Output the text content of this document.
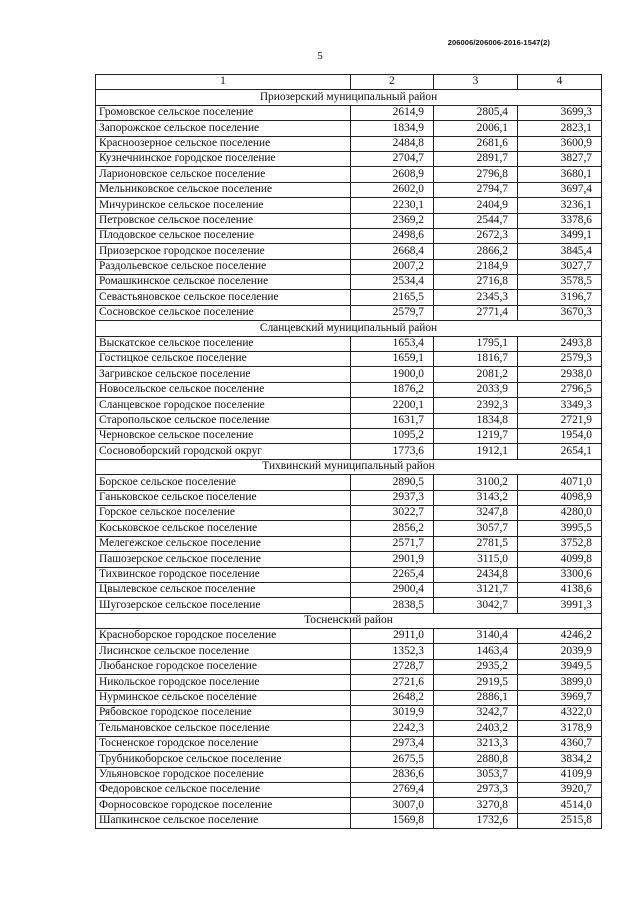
206006/206006-2016-1547(2)
5
1	2	3	4
Приозерский муниципальный район			
Громовское сельское поселение	2614,9	2805,4	3699,3
Запорожское сельское поселение	1834,9	2006,1	2823,1
Красноозерное сельское поселение	2484,8	2681,6	3600,9
Кузнечнинское городское поселение	2704,7	2891,7	3827,7
Ларионовское сельское поселение	2608,9	2796,8	3680,1
Мельниковское сельское поселение	2602,0	2794,7	3697,4
Мичуринское сельское поселение	2230,1	2404,9	3236,1
Петровское сельское поселение	2369,2	2544,7	3378,6
Плодовское сельское поселение	2498,6	2672,3	3499,1
Приозерское городское поселение	2668,4	2866,2	3845,4
Раздольевское сельское поселение	2007,2	2184,9	3027,7
Ромашкинское сельское поселение	2534,4	2716,8	3578,5
Севастьяновское сельское поселение	2165,5	2345,3	3196,7
Сосновское сельское поселение	2579,7	2771,4	3670,3
Сланцевский муниципальный район			
Выскатское сельское поселение	1653,4	1795,1	2493,8
Гостицкое сельское поселение	1659,1	1816,7	2579,3
Загривское сельское поселение	1900,0	2081,2	2938,0
Новосельское сельское поселение	1876,2	2033,9	2796,5
Сланцевское городское поселение	2200,1	2392,3	3349,3
Старопольское сельское поселение	1631,7	1834,8	2721,9
Черновское сельское поселение	1095,2	1219,7	1954,0
Сосновоборский городской округ	1773,6	1912,1	2654,1
Тихвинский муниципальный район			
Борское сельское поселение	2890,5	3100,2	4071,0
Ганьковское сельское поселение	2937,3	3143,2	4098,9
Горское сельское поселение	3022,7	3247,8	4280,0
Коськовское сельское поселение	2856,2	3057,7	3995,5
Мелегежское сельское поселение	2571,7	2781,5	3752,8
Пашозерское сельское поселение	2901,9	3115,0	4099,8
Тихвинское городское поселение	2265,4	2434,8	3300,6
Цвылевское сельское поселение	2900,4	3121,7	4138,6
Шугозерское сельское поселение	2838,5	3042,7	3991,3
Тосненский район			
Красноборское городское поселение	2911,0	3140,4	4246,2
Лисинское сельское поселение	1352,3	1463,4	2039,9
Любанское городское поселение	2728,7	2935,2	3949,5
Никольское городское поселение	2721,6	2919,5	3899,0
Нурминское сельское поселение	2648,2	2886,1	3969,7
Рябовское городское поселение	3019,9	3242,7	4322,0
Тельмановское сельское поселение	2242,3	2403,2	3178,9
Тосненское городское поселение	2973,4	3213,3	4360,7
Трубникоборское сельское поселение	2675,5	2880,8	3834,2
Ульяновское городское поселение	2836,6	3053,7	4109,9
Федоровское сельское поселение	2769,4	2973,3	3920,7
Форносовское городское поселение	3007,0	3270,8	4514,0
Шапкинское сельское поселение	1569,8	1732,6	2515,8
